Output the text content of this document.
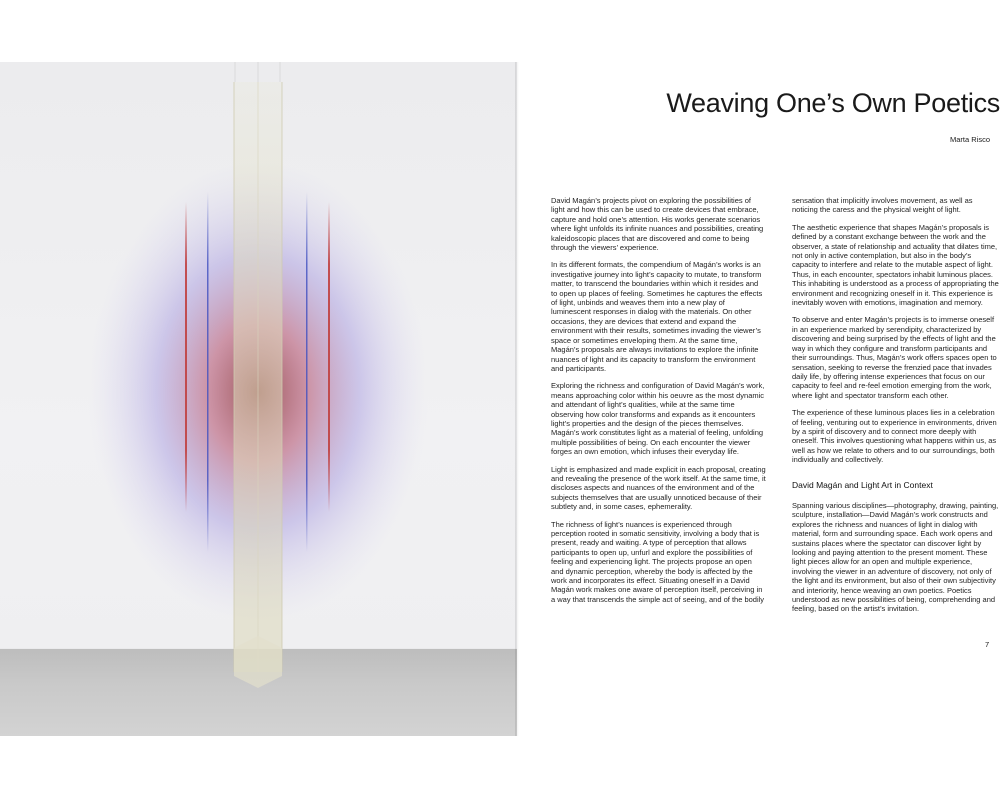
Weaving One’s Own Poetics
Marta Risco

David Magán’s projects pivot on exploring the possibilities of light and how this can be used to create devices that embrace, capture and hold one’s attention. His works generate scenarios where light unfolds its infinite nuances and possibilities, creating kaleidoscopic places that are discovered and come to being through the viewers’ experience.

In its different formats, the compendium of Magán’s works is an investigative journey into light’s capacity to mutate, to transform matter, to transcend the boundaries within which it resides and to open up places of feeling. Sometimes he captures the effects of light, unbinds and weaves them into a new play of luminescent responses in dialog with the materials. On other occasions, they are devices that extend and expand the environment with their results, sometimes invading the viewer’s space or sometimes enveloping them. At the same time, Magán’s proposals are always invitations to explore the infinite nuances of light and its capacity to transform the environment and participants.

Exploring the richness and configuration of David Magán’s work, means approaching color within his oeuvre as the most dynamic and attendant of light’s qualities, while at the same time observing how color transforms and expands as it encounters light’s properties and the design of the pieces themselves. Magán’s work constitutes light as a material of feeling, unfolding multiple possibilities of being. On each encounter the viewer forges an own emotion, which infuses their everyday life.

Light is emphasized and made explicit in each proposal, creating and revealing the presence of the work itself. At the same time, it discloses aspects and nuances of the environment and of the subjects themselves that are usually unnoticed because of their subtlety and, in some cases, ephemerality.

The richness of light’s nuances is experienced through perception rooted in somatic sensitivity, involving a body that is present, ready and waiting. A type of perception that allows participants to open up, unfurl and explore the possibilities of feeling and experiencing light. The projects propose an open and dynamic perception, whereby the body is affected by the work and incorporates its effect. Situating oneself in a David Magán work makes one aware of perception itself, perceiving in a way that transcends the simple act of seeing, and of the bodily

sensation that implicitly involves movement, as well as noticing the caress and the physical weight of light.

The aesthetic experience that shapes Magán’s proposals is defined by a constant exchange between the work and the observer, a state of relationship and actuality that dilates time, not only in active contemplation, but also in the body’s capacity to interfere and relate to the mutable aspect of light. Thus, in each encounter, spectators inhabit luminous places. This inhabiting is understood as a process of appropriating the environment and recognizing oneself in it. This experience is inevitably woven with emotions, imagination and memory.

To observe and enter Magán’s projects is to immerse oneself in an experience marked by serendipity, characterized by discovering and being surprised by the effects of light and the way in which they configure and transform participants and their surroundings. Thus, Magán’s work offers spaces open to sensation, seeking to reverse the frenzied pace that invades daily life, by offering intense experiences that focus on our capacity to feel and re-feel emotion emerging from the work, where light and spectator transform each other.

The experience of these luminous places lies in a celebration of feeling, venturing out to experience in environments, driven by a spirit of discovery and to connect more deeply with oneself. This involves questioning what happens within us, as well as how we relate to others and to our surroundings, both individually and collectively.

David Magán and Light Art in Context

Spanning various disciplines—photography, drawing, painting, sculpture, installation—David Magán’s work constructs and explores the richness and nuances of light in dialog with material, form and surrounding space. Each work opens and sustains places where the spectator can discover light by looking and paying attention to the present moment. These light pieces allow for an open and multiple experience, involving the viewer in an adventure of discovery, not only of the light and its environment, but also of their own subjectivity and interiority, hence weaving an own poetics. Poetics understood as new possibilities of being, comprehending and feeling, based on the artist’s invitation.

7
